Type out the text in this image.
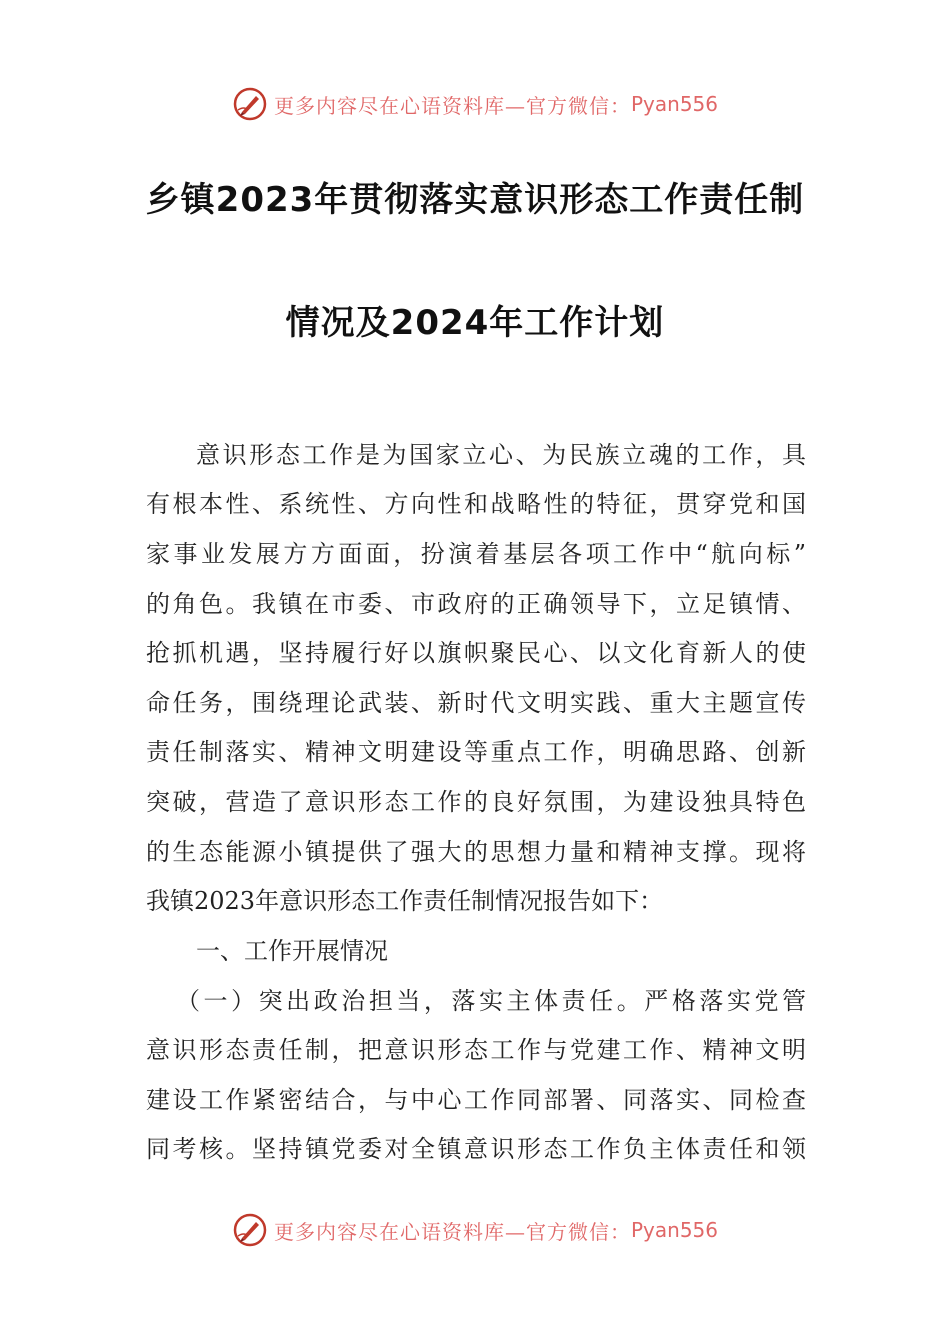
更多内容尽在心语资料库—官方微信： Pyan556
乡镇2023年贯彻落实意识形态工作责任制
情况及2024年工作计划
意识形态工作是为国家立心、为民族立魂的工作，具
有根本性、系统性、方向性和战略性的特征，贯穿党和国
家事业发展方方面面，扮演着基层各项工作中“航向标”
的角色。我镇在市委、市政府的正确领导下，立足镇情、
抢抓机遇，坚持履行好以旗帜聚民心、以文化育新人的使
命任务，围绕理论武装、新时代文明实践、重大主题宣传
责任制落实、精神文明建设等重点工作，明确思路、创新
突破，营造了意识形态工作的良好氛围，为建设独具特色
的生态能源小镇提供了强大的思想力量和精神支撑。现将
我镇2023年意识形态工作责任制情况报告如下：
一、工作开展情况
（一）突出政治担当，落实主体责任。严格落实党管
意识形态责任制，把意识形态工作与党建工作、精神文明
建设工作紧密结合，与中心工作同部署、同落实、同检查
同考核。坚持镇党委对全镇意识形态工作负主体责任和领
更多内容尽在心语资料库—官方微信： Pyan556
